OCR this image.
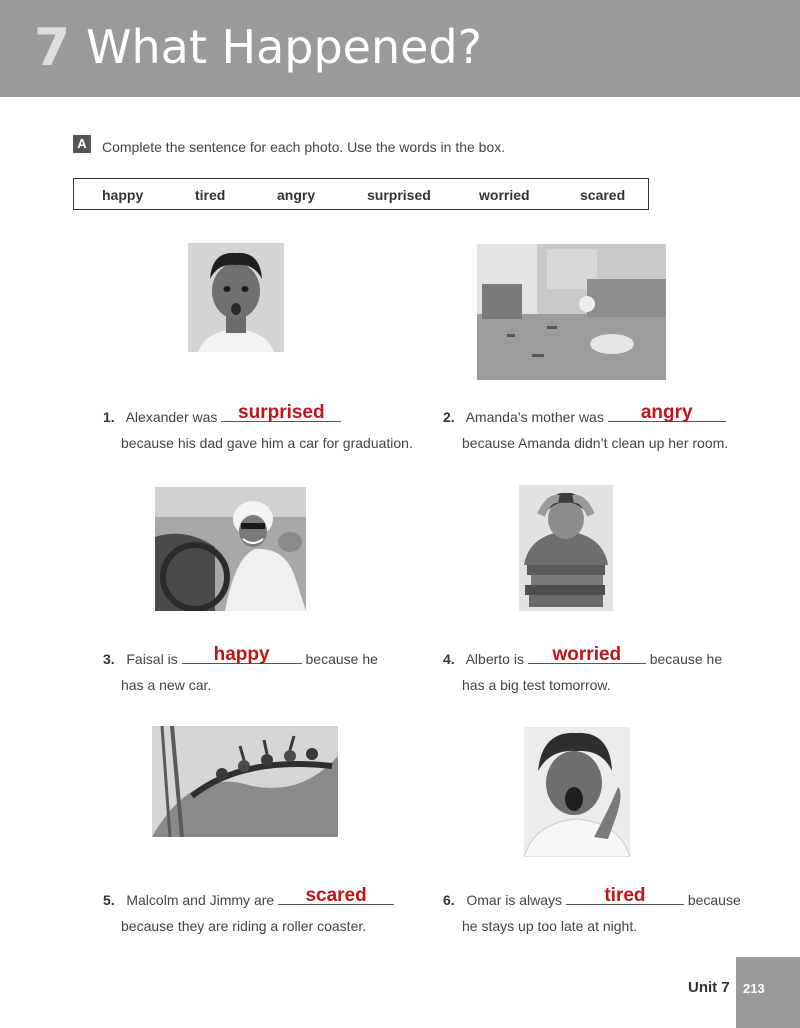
7 What Happened?
A	Complete the sentence for each photo. Use the words in the box.
happy	tired	angry	surprised	worried	scared
1. Alexander was	surprised
because his dad gave him a car for graduation.
2. Amanda’s mother was	angry
because Amanda didn’t clean up her room.
3. Faisal is	happy	because he
has a new car.
4. Alberto is	worried	because he
has a big test tomorrow.
5. Malcolm and Jimmy are	scared
because they are riding a roller coaster.
6. Omar is always	tired	because
he stays up too late at night.
Unit 7 213
